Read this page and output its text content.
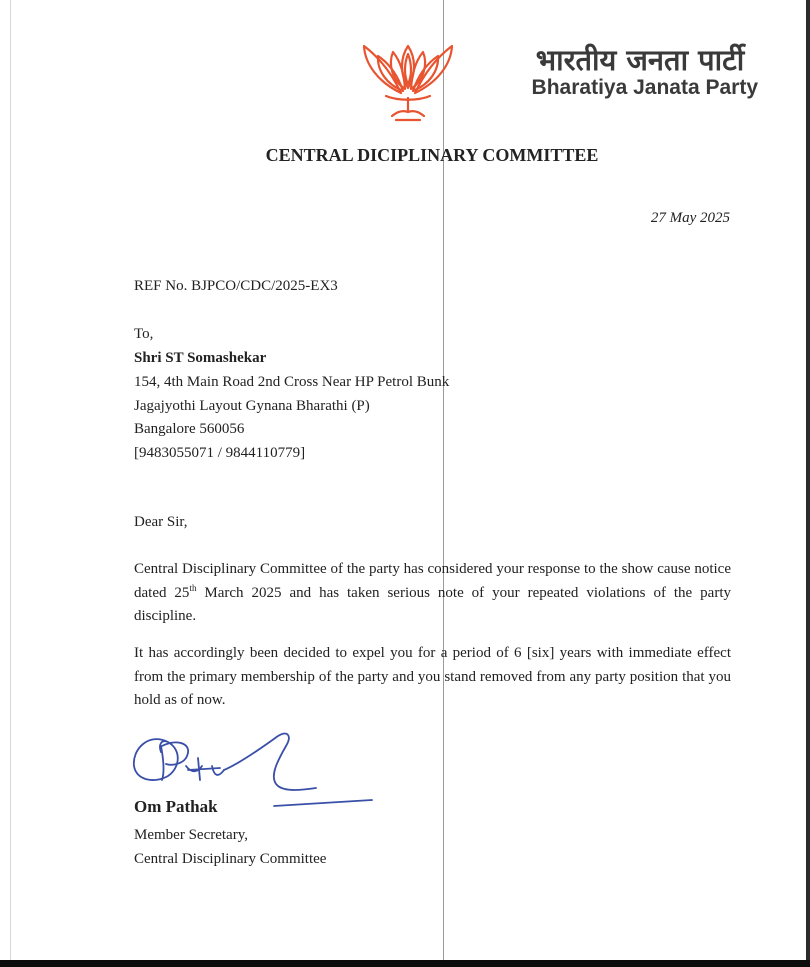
भारतीय जनता पार्टी
Bharatiya Janata Party
CENTRAL DICIPLINARY COMMITTEE
27 May 2025
REF No. BJPCO/CDC/2025-EX3
To,
Shri ST Somashekar
154, 4th Main Road 2nd Cross Near HP Petrol Bunk
Jagajyothi Layout Gynana Bharathi (P)
Bangalore 560056
[9483055071 / 9844110779]
Dear Sir,
Central Disciplinary Committee of the party has considered your response to the show cause notice dated 25th March 2025 and has taken serious note of your repeated violations of the party discipline.
It has accordingly been decided to expel you for a period of 6 [six] years with immediate effect from the primary membership of the party and you stand removed from any party position that you hold as of now.
Om Pathak
Member Secretary,
Central Disciplinary Committee
